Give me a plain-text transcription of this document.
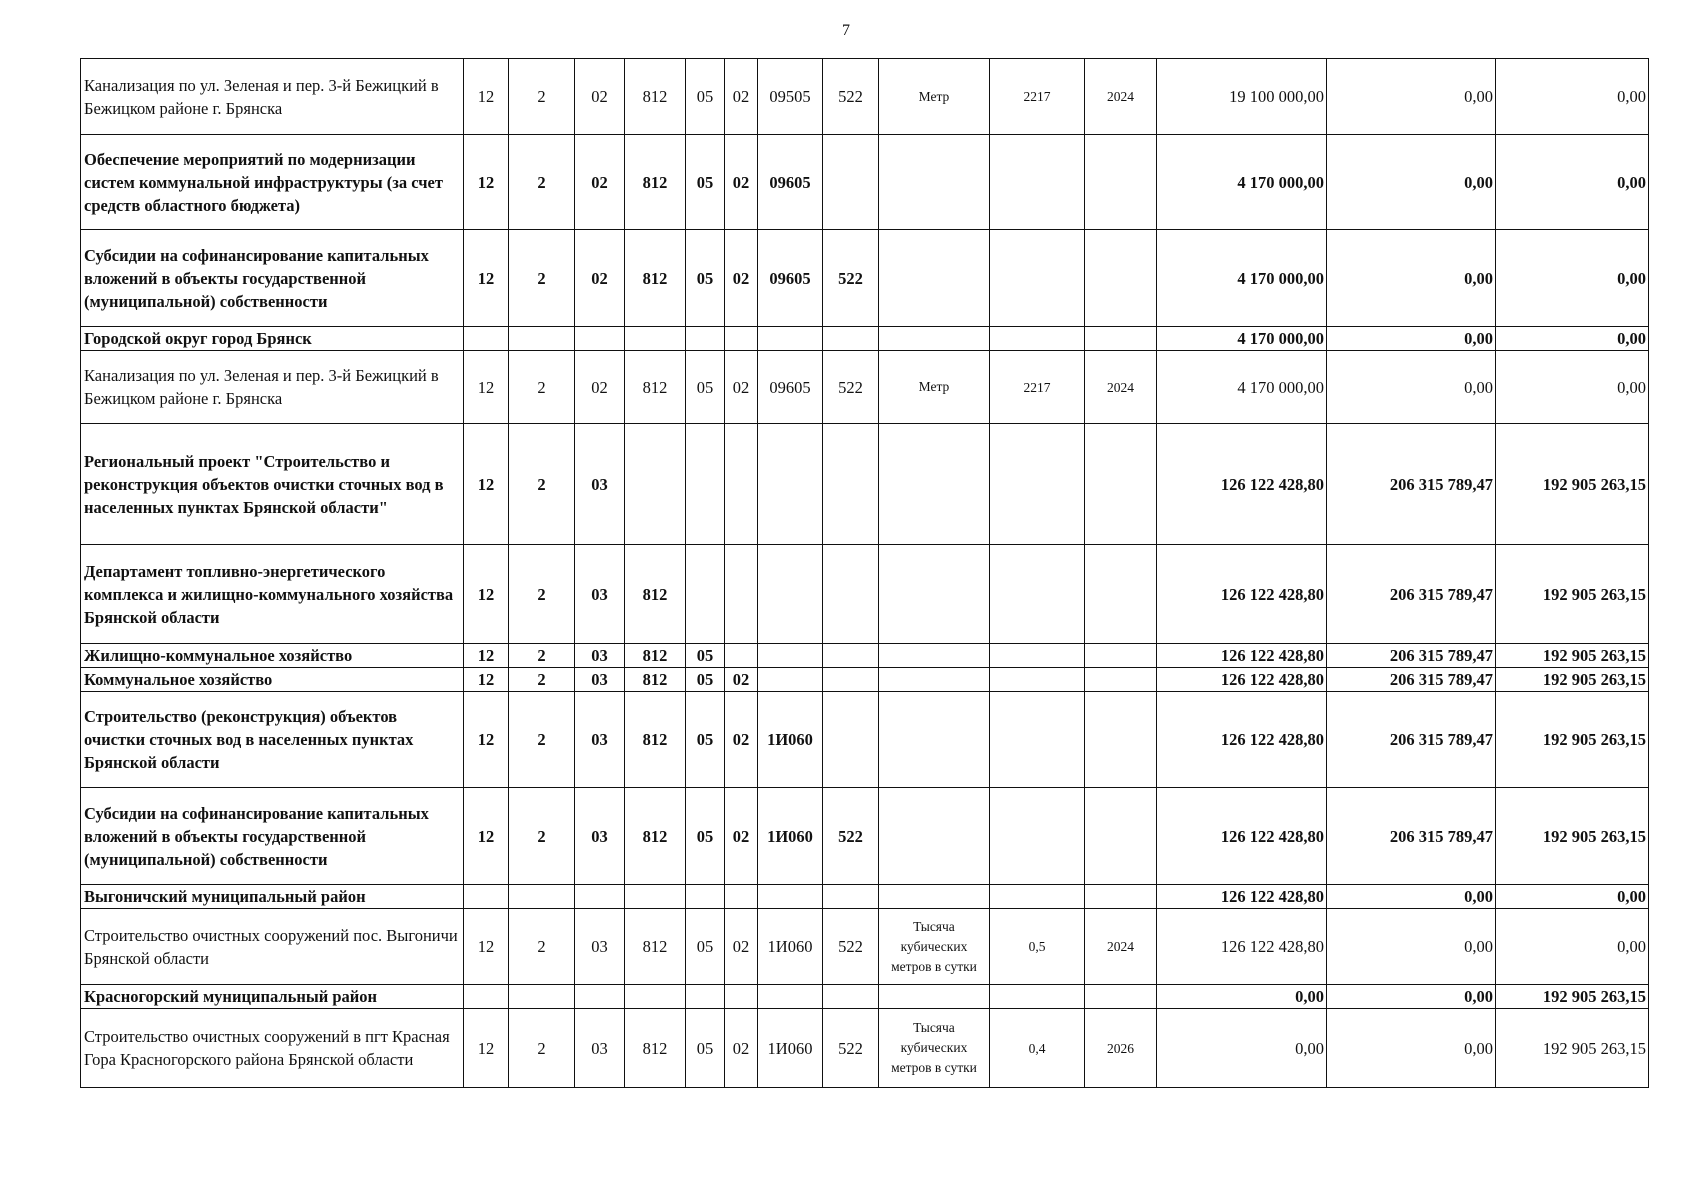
7
Канализация по ул. Зеленая и пер. 3-й Бежицкий в Бежицком районе г. Брянска	12	2	02	812	05	02	09505	522	Метр	2217	2024	19 100 000,00	0,00	0,00
Обеспечение мероприятий по модернизации систем коммунальной инфраструктуры (за счет средств областного бюджета)	12	2	02	812	05	02	09605					4 170 000,00	0,00	0,00
Субсидии на софинансирование капитальных вложений в объекты государственной (муниципальной) собственности	12	2	02	812	05	02	09605	522				4 170 000,00	0,00	0,00
Городской округ город Брянск												4 170 000,00	0,00	0,00
Канализация по ул. Зеленая и пер. 3-й Бежицкий в Бежицком районе г. Брянска	12	2	02	812	05	02	09605	522	Метр	2217	2024	4 170 000,00	0,00	0,00
Региональный проект "Строительство и реконструкция объектов очистки сточных вод в населенных пунктах Брянской области"	12	2	03									126 122 428,80	206 315 789,47	192 905 263,15
Департамент топливно-энергетического комплекса и жилищно-коммунального хозяйства Брянской области	12	2	03	812								126 122 428,80	206 315 789,47	192 905 263,15
Жилищно-коммунальное хозяйство	12	2	03	812	05							126 122 428,80	206 315 789,47	192 905 263,15
Коммунальное хозяйство	12	2	03	812	05	02						126 122 428,80	206 315 789,47	192 905 263,15
Строительство (реконструкция) объектов очистки сточных вод в населенных пунктах Брянской области	12	2	03	812	05	02	1И060					126 122 428,80	206 315 789,47	192 905 263,15
Субсидии на софинансирование капитальных вложений в объекты государственной (муниципальной) собственности	12	2	03	812	05	02	1И060	522				126 122 428,80	206 315 789,47	192 905 263,15
Выгоничский муниципальный район												126 122 428,80	0,00	0,00
Строительство очистных сооружений пос. Выгоничи Брянской области	12	2	03	812	05	02	1И060	522	Тысяча кубических метров в сутки	0,5	2024	126 122 428,80	0,00	0,00
Красногорский муниципальный район												0,00	0,00	192 905 263,15
Строительство очистных сооружений в пгт Красная Гора Красногорского района Брянской области	12	2	03	812	05	02	1И060	522	Тысяча кубических метров в сутки	0,4	2026	0,00	0,00	192 905 263,15
